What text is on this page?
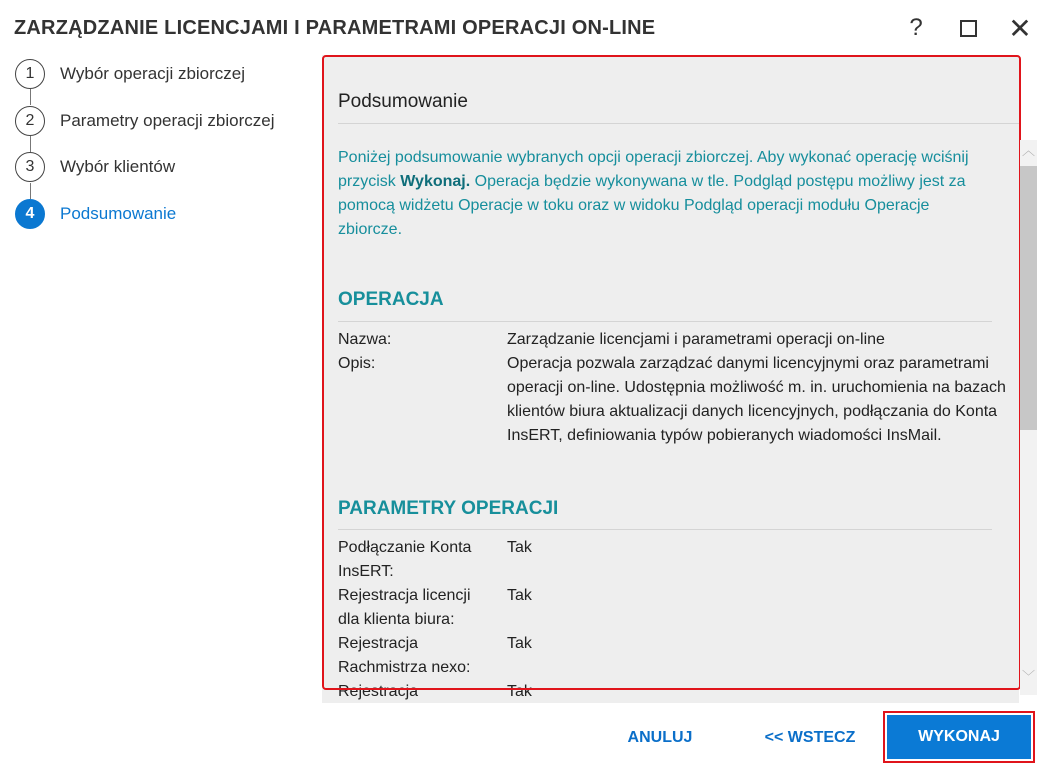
ZARZĄDZANIE LICENCJAMI I PARAMETRAMI OPERACJI ON-LINE	?	✕
1	Wybór operacji zbiorczej
2	Parametry operacji zbiorczej
3	Wybór klientów
4	Podsumowanie
Podsumowanie
Poniżej podsumowanie wybranych opcji operacji zbiorczej. Aby wykonać operację wciśnij przycisk Wykonaj. Operacja będzie wykonywana w tle. Podgląd postępu możliwy jest za pomocą widżetu Operacje w toku oraz w widoku Podgląd operacji modułu Operacje zbiorcze.
OPERACJA
Nazwa:	Zarządzanie licencjami i parametrami operacji on-line
Opis:	Operacja pozwala zarządzać danymi licencyjnymi oraz parametrami operacji on-line. Udostępnia możliwość m. in. uruchomienia na bazach klientów biura aktualizacji danych licencyjnych, podłączania do Konta InsERT, definiowania typów pobieranych wiadomości InsMail.
PARAMETRY OPERACJI
Podłączanie Konta InsERT:
Tak
Rejestracja licencji dla klienta biura:
Tak
Rejestracja Rachmistrza nexo:
Tak
Rejestracja	Tak
︿
﹀
ANULUJ	<< WSTECZ	WYKONAJ
